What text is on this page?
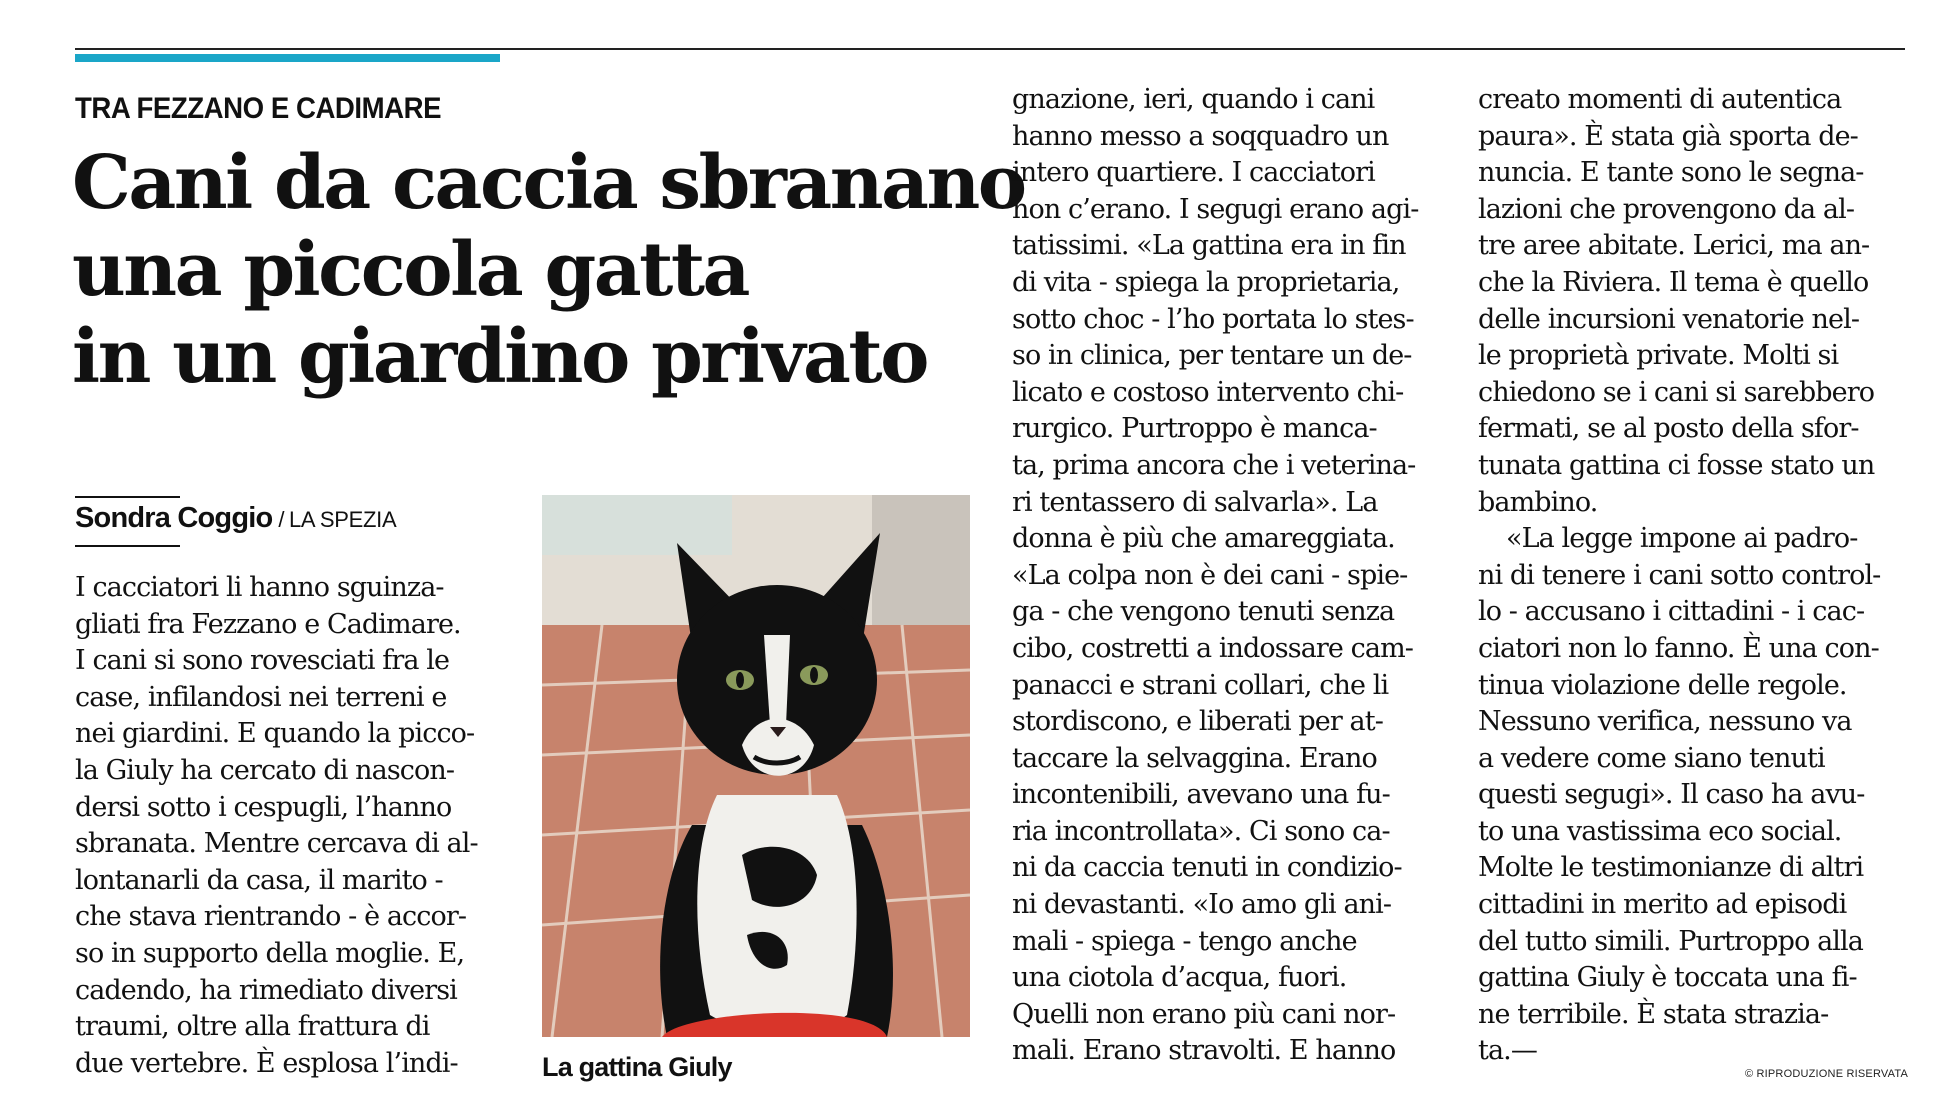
TRA FEZZANO E CADIMARE
Cani da caccia sbranano
una piccola gatta
in un giardino privato
Sondra Coggio / LA SPEZIA
I cacciatori li hanno sguinza-
gliati fra Fezzano e Cadimare.
I cani si sono rovesciati fra le
case, infilandosi nei terreni e
nei giardini. E quando la picco-
la Giuly ha cercato di nascon-
dersi sotto i cespugli, l’hanno
sbranata. Mentre cercava di al-
lontanarli da casa, il marito -
che stava rientrando - è accor-
so in supporto della moglie. E,
cadendo, ha rimediato diversi
traumi, oltre alla frattura di
due vertebre. È esplosa l’indi-	La gattina Giuly
gnazione, ieri, quando i cani
hanno messo a soqquadro un
intero quartiere. I cacciatori
non c’erano. I segugi erano agi-
tatissimi. «La gattina era in fin
di vita - spiega la proprietaria,
sotto choc - l’ho portata lo stes-
so in clinica, per tentare un de-
licato e costoso intervento chi-
rurgico. Purtroppo è manca-
ta, prima ancora che i veterina-
ri tentassero di salvarla». La
donna è più che amareggiata.
«La colpa non è dei cani - spie-
ga - che vengono tenuti senza
cibo, costretti a indossare cam-
panacci e strani collari, che li
stordiscono, e liberati per at-
taccare la selvaggina. Erano
incontenibili, avevano una fu-
ria incontrollata». Ci sono ca-
ni da caccia tenuti in condizio-
ni devastanti. «Io amo gli ani-
mali - spiega - tengo anche
una ciotola d’acqua, fuori.
Quelli non erano più cani nor-
mali. Erano stravolti. E hanno
creato momenti di autentica
paura». È stata già sporta de-
nuncia. E tante sono le segna-
lazioni che provengono da al-
tre aree abitate. Lerici, ma an-
che la Riviera. Il tema è quello
delle incursioni venatorie nel-
le proprietà private. Molti si
chiedono se i cani si sarebbero
fermati, se al posto della sfor-
tunata gattina ci fosse stato un
bambino.
«La legge impone ai padro-
ni di tenere i cani sotto control-
lo - accusano i cittadini - i cac-
ciatori non lo fanno. È una con-
tinua violazione delle regole.
Nessuno verifica, nessuno va
a vedere come siano tenuti
questi segugi». Il caso ha avu-
to una vastissima eco social.
Molte le testimonianze di altri
cittadini in merito ad episodi
del tutto simili. Purtroppo alla
gattina Giuly è toccata una fi-
ne terribile. È stata strazia-
ta.—
© RIPRODUZIONE RISERVATA
